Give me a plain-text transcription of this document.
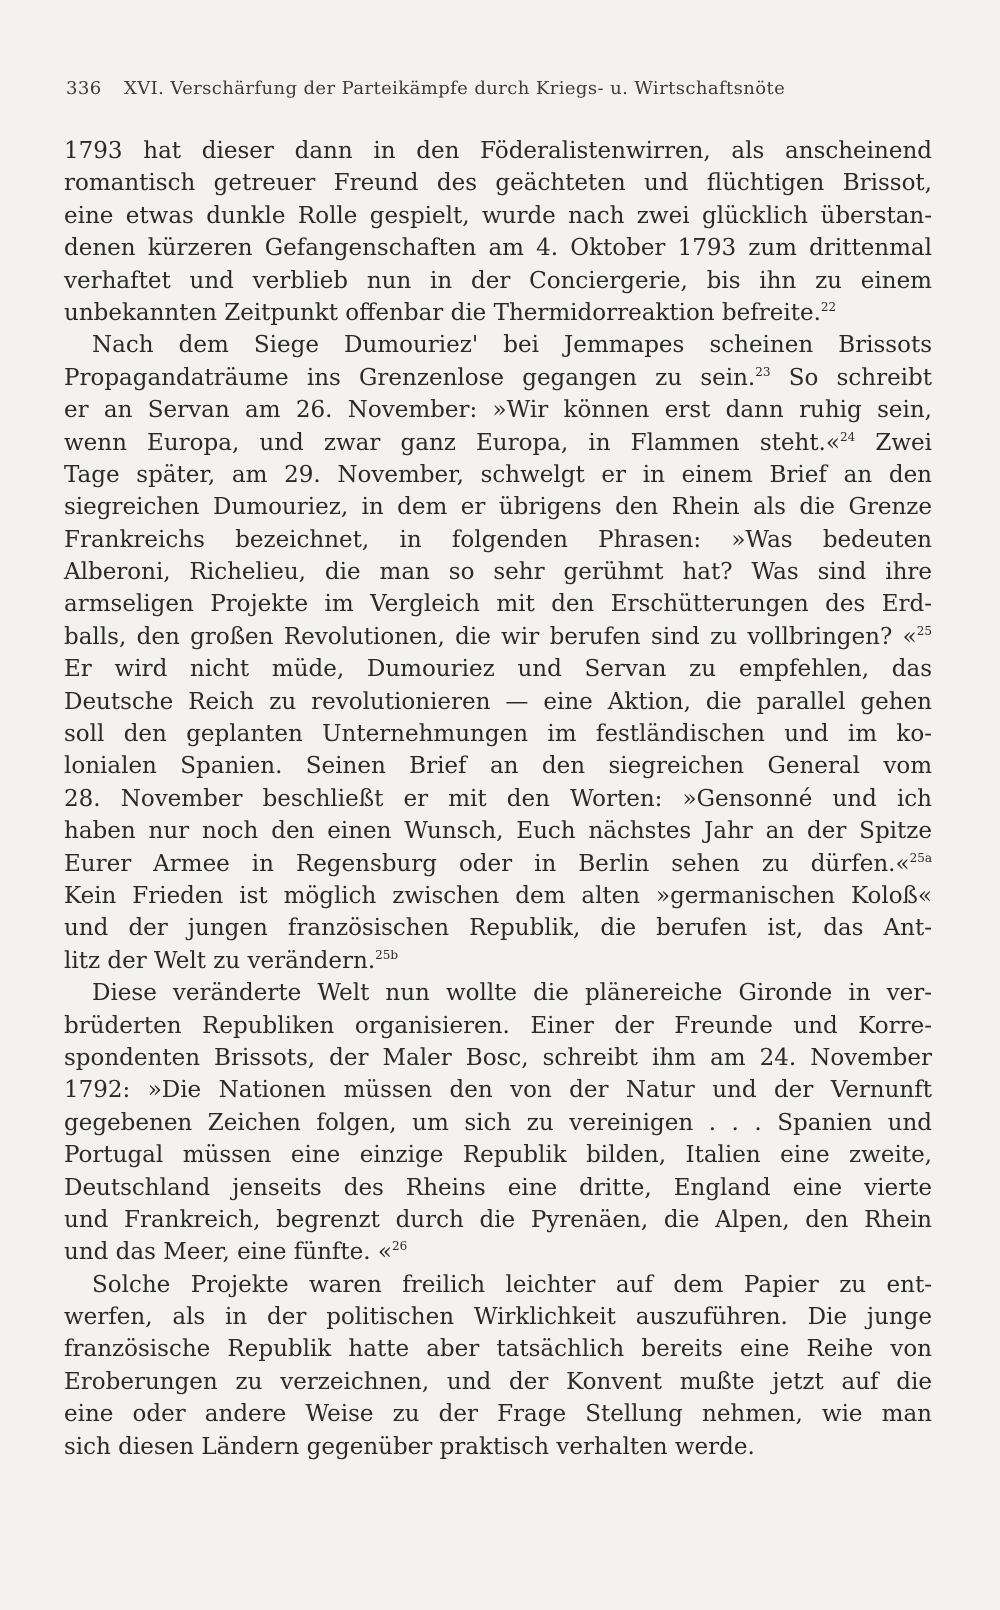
336 XVI. Verschärfung der Parteikämpfe durch Kriegs- u. Wirtschaftsnöte
1793 hat dieser dann in den Föderalistenwirren, als anscheinend
romantisch getreuer Freund des geächteten und flüchtigen Brissot,
eine etwas dunkle Rolle gespielt, wurde nach zwei glücklich überstan-
denen kürzeren Gefangenschaften am 4. Oktober 1793 zum drittenmal
verhaftet und verblieb nun in der Conciergerie, bis ihn zu einem
unbekannten Zeitpunkt offenbar die Thermidorreaktion befreite.$^{22}$
Nach dem Siege Dumouriez' bei Jemmapes scheinen Brissots
Propagandaträume ins Grenzenlose gegangen zu sein.$^{23}$ So schreibt
er an Servan am 26. November: »Wir können erst dann ruhig sein,
wenn Europa, und zwar ganz Europa, in Flammen steht.«$^{24}$ Zwei
Tage später, am 29. November, schwelgt er in einem Brief an den
siegreichen Dumouriez, in dem er übrigens den Rhein als die Grenze
Frankreichs bezeichnet, in folgenden Phrasen: »Was bedeuten
Alberoni, Richelieu, die man so sehr gerühmt hat? Was sind ihre
armseligen Projekte im Vergleich mit den Erschütterungen des Erd-
balls, den großen Revolutionen, die wir berufen sind zu vollbringen? «$^{25}$
Er wird nicht müde, Dumouriez und Servan zu empfehlen, das
Deutsche Reich zu revolutionieren — eine Aktion, die parallel gehen
soll den geplanten Unternehmungen im festländischen und im ko-
lonialen Spanien. Seinen Brief an den siegreichen General vom
28. November beschließt er mit den Worten: »Gensonné und ich
haben nur noch den einen Wunsch, Euch nächstes Jahr an der Spitze
Eurer Armee in Regensburg oder in Berlin sehen zu dürfen.«$^{25a}$
Kein Frieden ist möglich zwischen dem alten »germanischen Koloß«
und der jungen französischen Republik, die berufen ist, das Ant-
litz der Welt zu verändern.$^{25b}$
Diese veränderte Welt nun wollte die plänereiche Gironde in ver-
brüderten Republiken organisieren. Einer der Freunde und Korre-
spondenten Brissots, der Maler Bosc, schreibt ihm am 24. November
1792: »Die Nationen müssen den von der Natur und der Vernunft
gegebenen Zeichen folgen, um sich zu vereinigen . . . Spanien und
Portugal müssen eine einzige Republik bilden, Italien eine zweite,
Deutschland jenseits des Rheins eine dritte, England eine vierte
und Frankreich, begrenzt durch die Pyrenäen, die Alpen, den Rhein
und das Meer, eine fünfte. «$^{26}$
Solche Projekte waren freilich leichter auf dem Papier zu ent-
werfen, als in der politischen Wirklichkeit auszuführen. Die junge
französische Republik hatte aber tatsächlich bereits eine Reihe von
Eroberungen zu verzeichnen, und der Konvent mußte jetzt auf die
eine oder andere Weise zu der Frage Stellung nehmen, wie man
sich diesen Ländern gegenüber praktisch verhalten werde.
